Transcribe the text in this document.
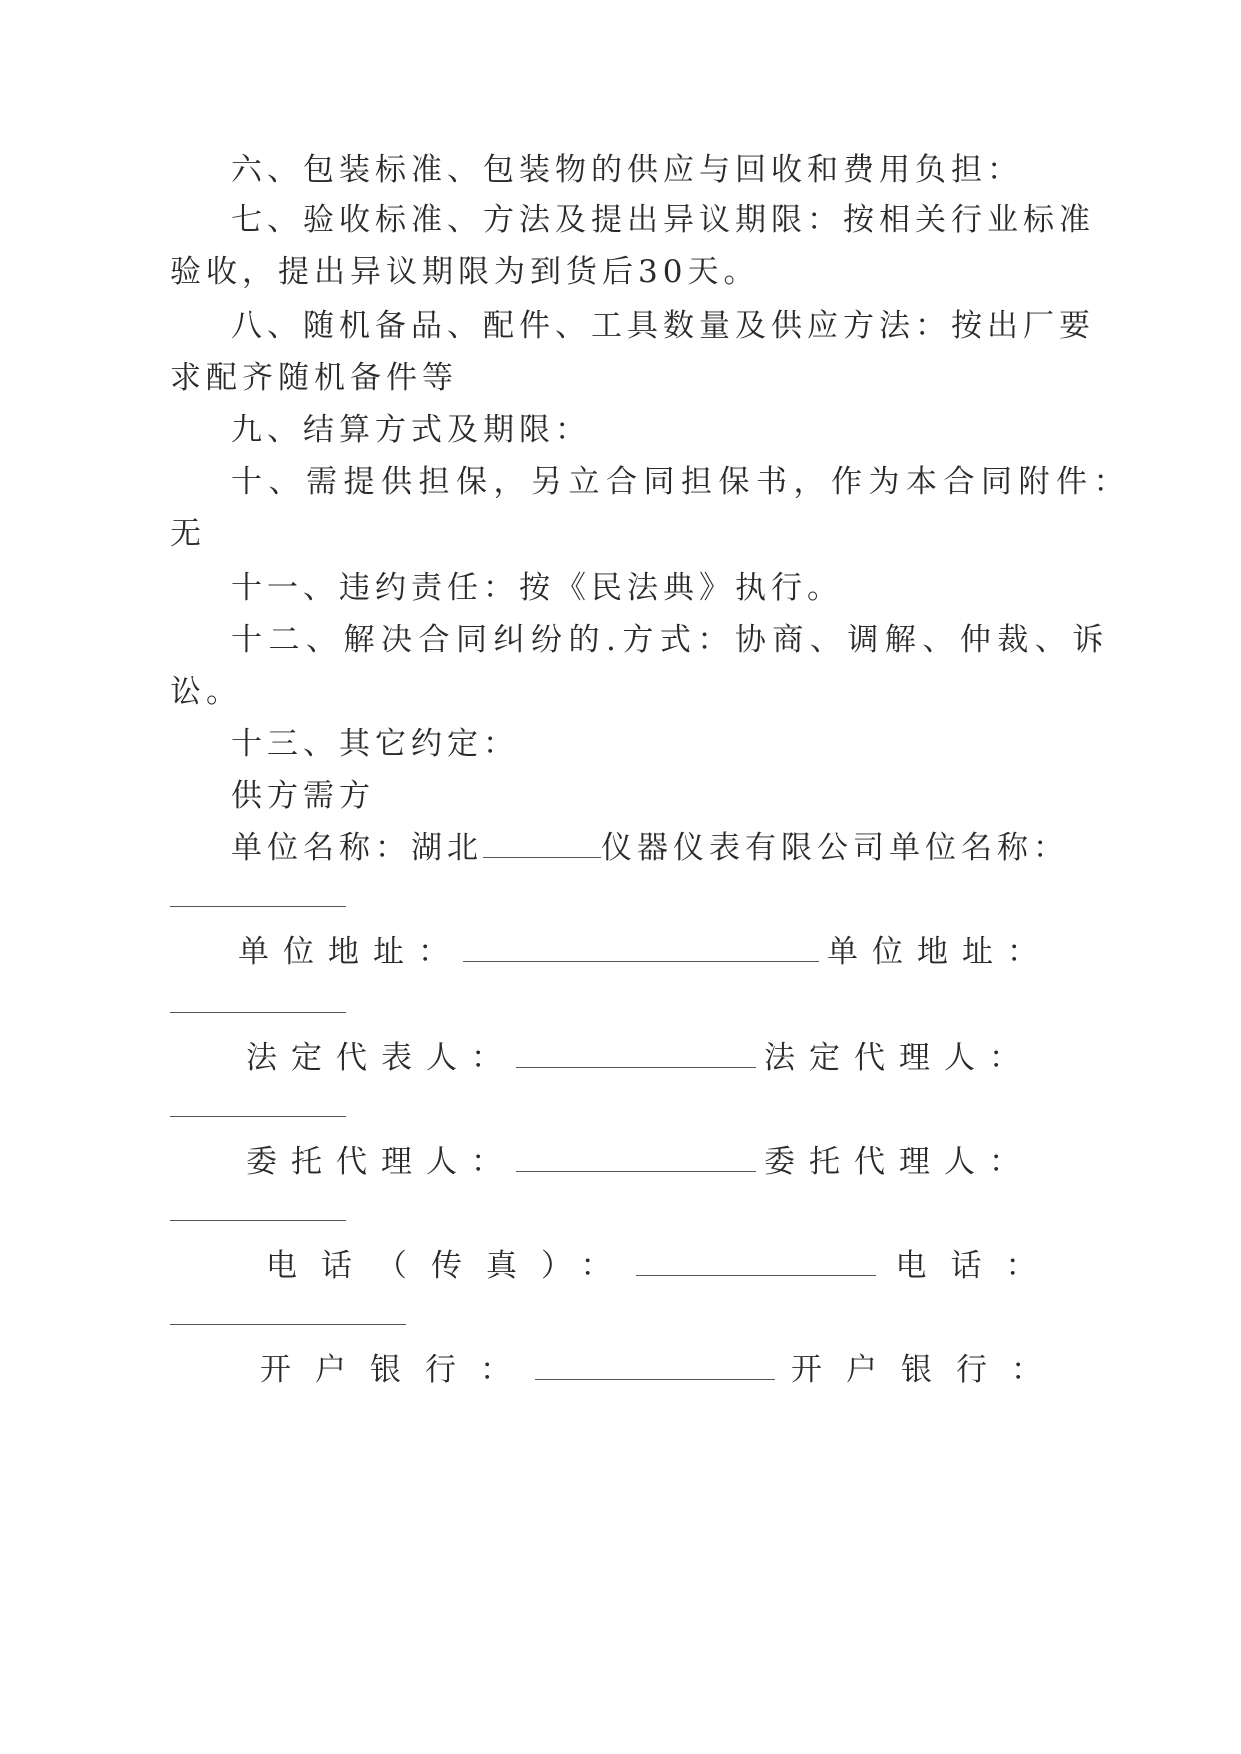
六、包装标准、包装物的供应与回收和费用负担：
七、验收标准、方法及提出异议期限：按相关行业标准
验收，提出异议期限为到货后30天。
八、随机备品、配件、工具数量及供应方法：按出厂要
求配齐随机备件等
九、结算方式及期限：
十、需提供担保，另立合同担保书，作为本合同附件：
无
十一、违约责任：按《民法典》执行。
十二、解决合同纠纷的.方式：协商、调解、仲裁、诉
讼。
十三、其它约定：
供方需方
单位名称：湖北	仪器仪表有限公司单位名称：
单位地址：	单位地址：
法定代表人：	法定代理人：
委托代理人：	委托代理人：
电话（传真）：	电话：
开户银行：	开户银行：
